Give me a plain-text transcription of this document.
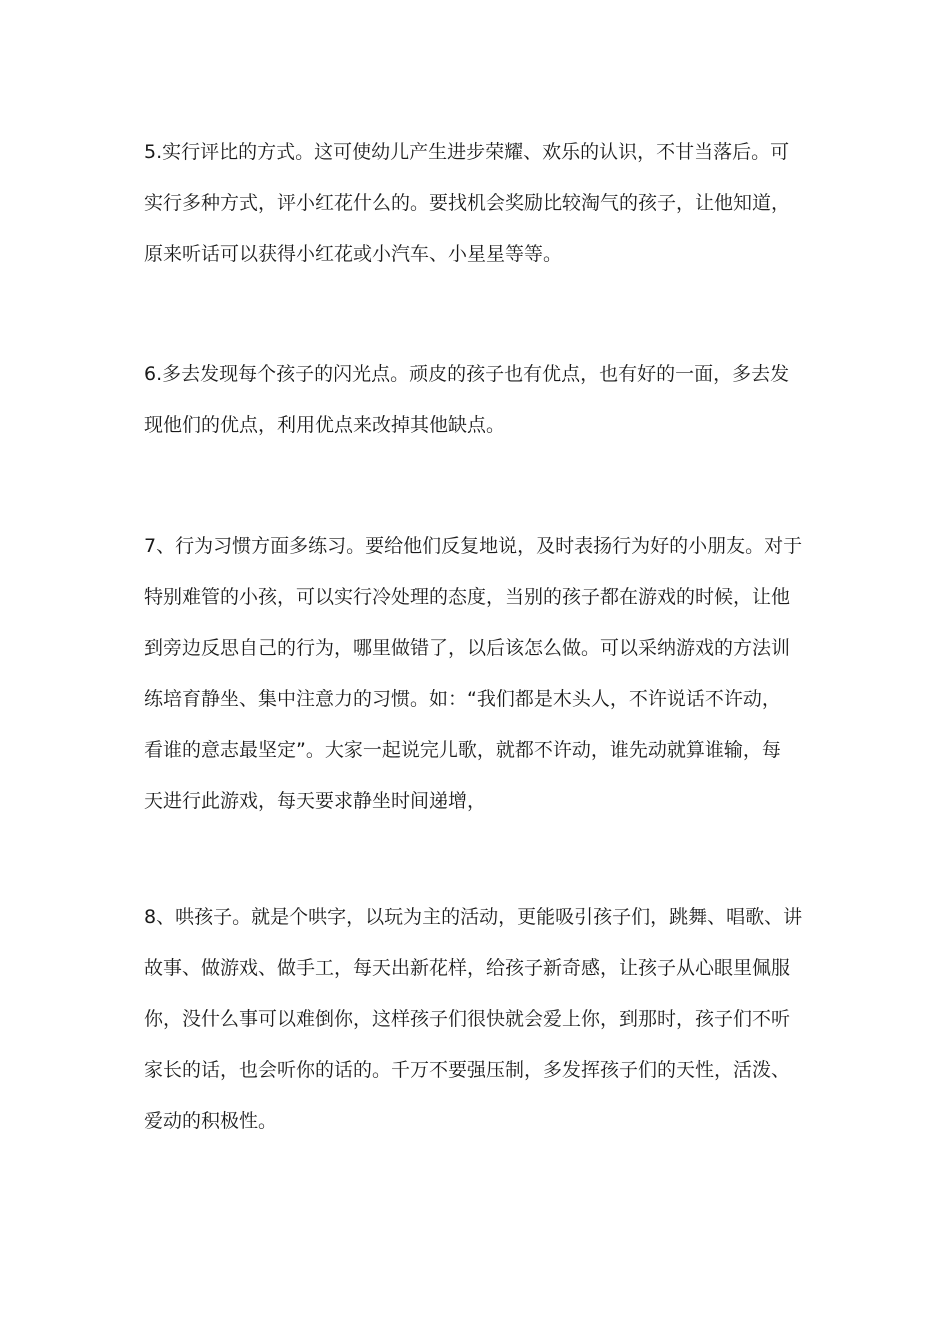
5.实行评比的方式。这可使幼儿产生进步荣耀、欢乐的认识，不甘当落后。可
实行多种方式，评小红花什么的。要找机会奖励比较淘气的孩子，让他知道，
原来听话可以获得小红花或小汽车、小星星等等。
6.多去发现每个孩子的闪光点。顽皮的孩子也有优点，也有好的一面，多去发
现他们的优点，利用优点来改掉其他缺点。
7、行为习惯方面多练习。要给他们反复地说，及时表扬行为好的小朋友。对于
特别难管的小孩，可以实行冷处理的态度，当别的孩子都在游戏的时候，让他
到旁边反思自己的行为，哪里做错了，以后该怎么做。可以采纳游戏的方法训
练培育静坐、集中注意力的习惯。如：“我们都是木头人，不许说话不许动，
看谁的意志最坚定”。大家一起说完儿歌，就都不许动，谁先动就算谁输，每
天进行此游戏，每天要求静坐时间递增，
8、哄孩子。就是个哄字，以玩为主的活动，更能吸引孩子们，跳舞、唱歌、讲
故事、做游戏、做手工，每天出新花样，给孩子新奇感，让孩子从心眼里佩服
你，没什么事可以难倒你，这样孩子们很快就会爱上你，到那时，孩子们不听
家长的话，也会听你的话的。千万不要强压制，多发挥孩子们的天性，活泼、
爱动的积极性。
